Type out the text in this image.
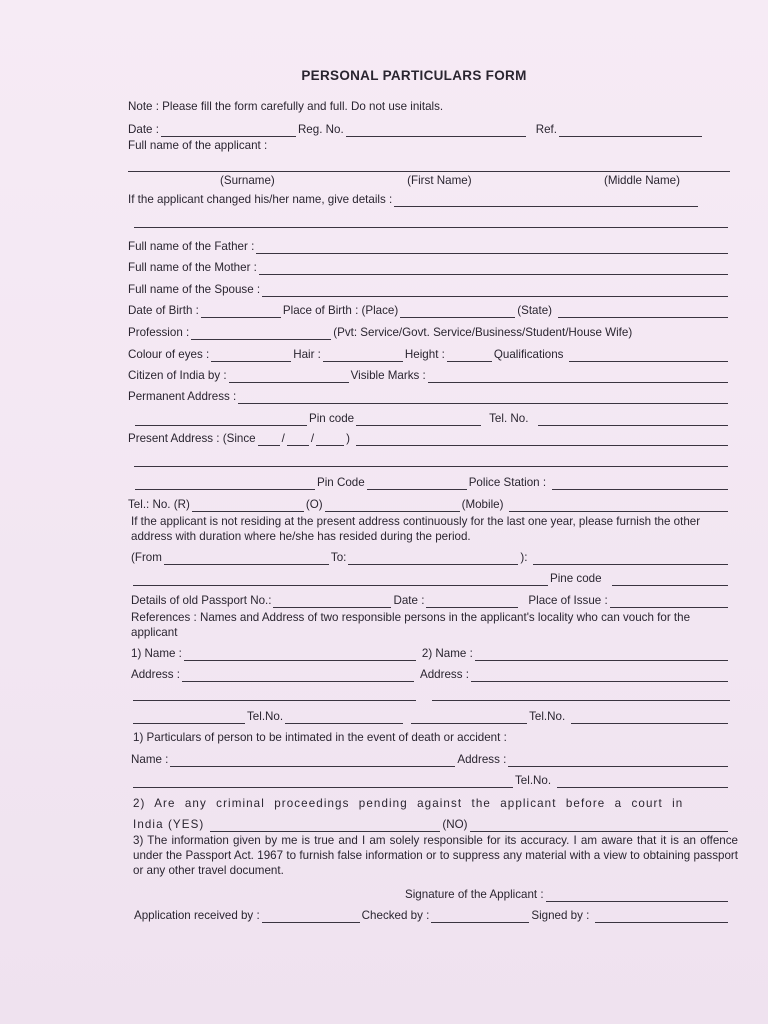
PERSONAL PARTICULARS FORM
Note : Please fill the form carefully and full. Do not use initals.
Date :	Reg. No.	Ref.
Full name of the applicant :
(Surname)	(First Name)	(Middle Name)
If the applicant changed his/her name, give details :
Full name of the Father :
Full name of the Mother :
Full name of the Spouse :
Date of Birth :	Place of Birth : (Place)	(State)
Profession :	(Pvt: Service/Govt. Service/Business/Student/House Wife)
Colour of eyes :	Hair :	Height :	Qualifications
Citizen of India by :	Visible Marks :
Permanent Address :
Pin code	Tel. No.
Present Address : (Since / /	)
Pin Code	Police Station :
Tel.: No. (R)	(O)	(Mobile)
If the applicant is not residing at the present address continuously for the last one year, please furnish the other address with duration where he/she has resided during the period.
(From	To:	):
Pine code
Details of old Passport No.:	Date :	Place of Issue :
References : Names and Address of two responsible persons in the applicant's locality who can vouch for the applicant
1) Name :	2) Name :
Address :	Address :
Tel.No.	Tel.No.
1) Particulars of person to be intimated in the event of death or accident :
Name :	Address :
Tel.No.
2) Are any criminal proceedings pending against the applicant before a court in
India (YES)	(NO)
3) The information given by me is true and I am solely responsible for its accuracy. I am aware that it is an offence under the Passport Act. 1967 to furnish false information or to suppress any material with a view to obtaining passport or any other travel document.
Signature of the Applicant :
Application received by :	Checked by :	Signed by :
